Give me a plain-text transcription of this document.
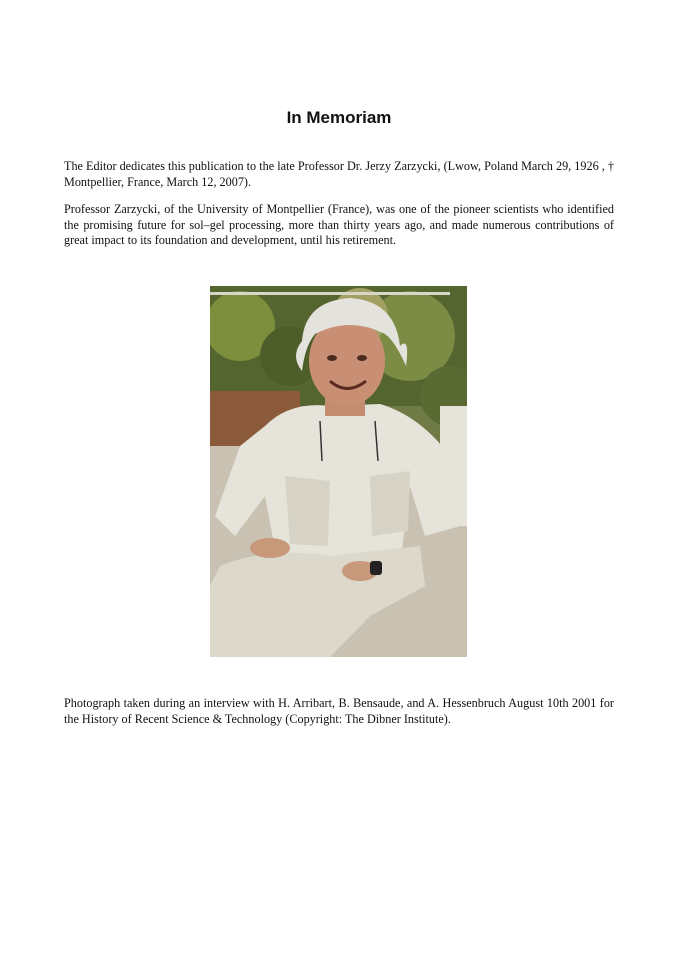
In Memoriam

The Editor dedicates this publication to the late Professor Dr. Jerzy Zarzycki, (Lwow, Poland March 29, 1926 , † Montpellier, France, March 12, 2007).

Professor Zarzycki, of the University of Montpellier (France), was one of the pioneer scientists who identified the promising future for sol–gel processing, more than thirty years ago, and made numerous contributions of great impact to its foundation and development, until his retirement.

Photograph taken during an interview with H. Arribart, B. Bensaude, and A. Hessenbruch August 10th 2001 for the History of Recent Science & Technology (Copyright: The Dibner Institute).
